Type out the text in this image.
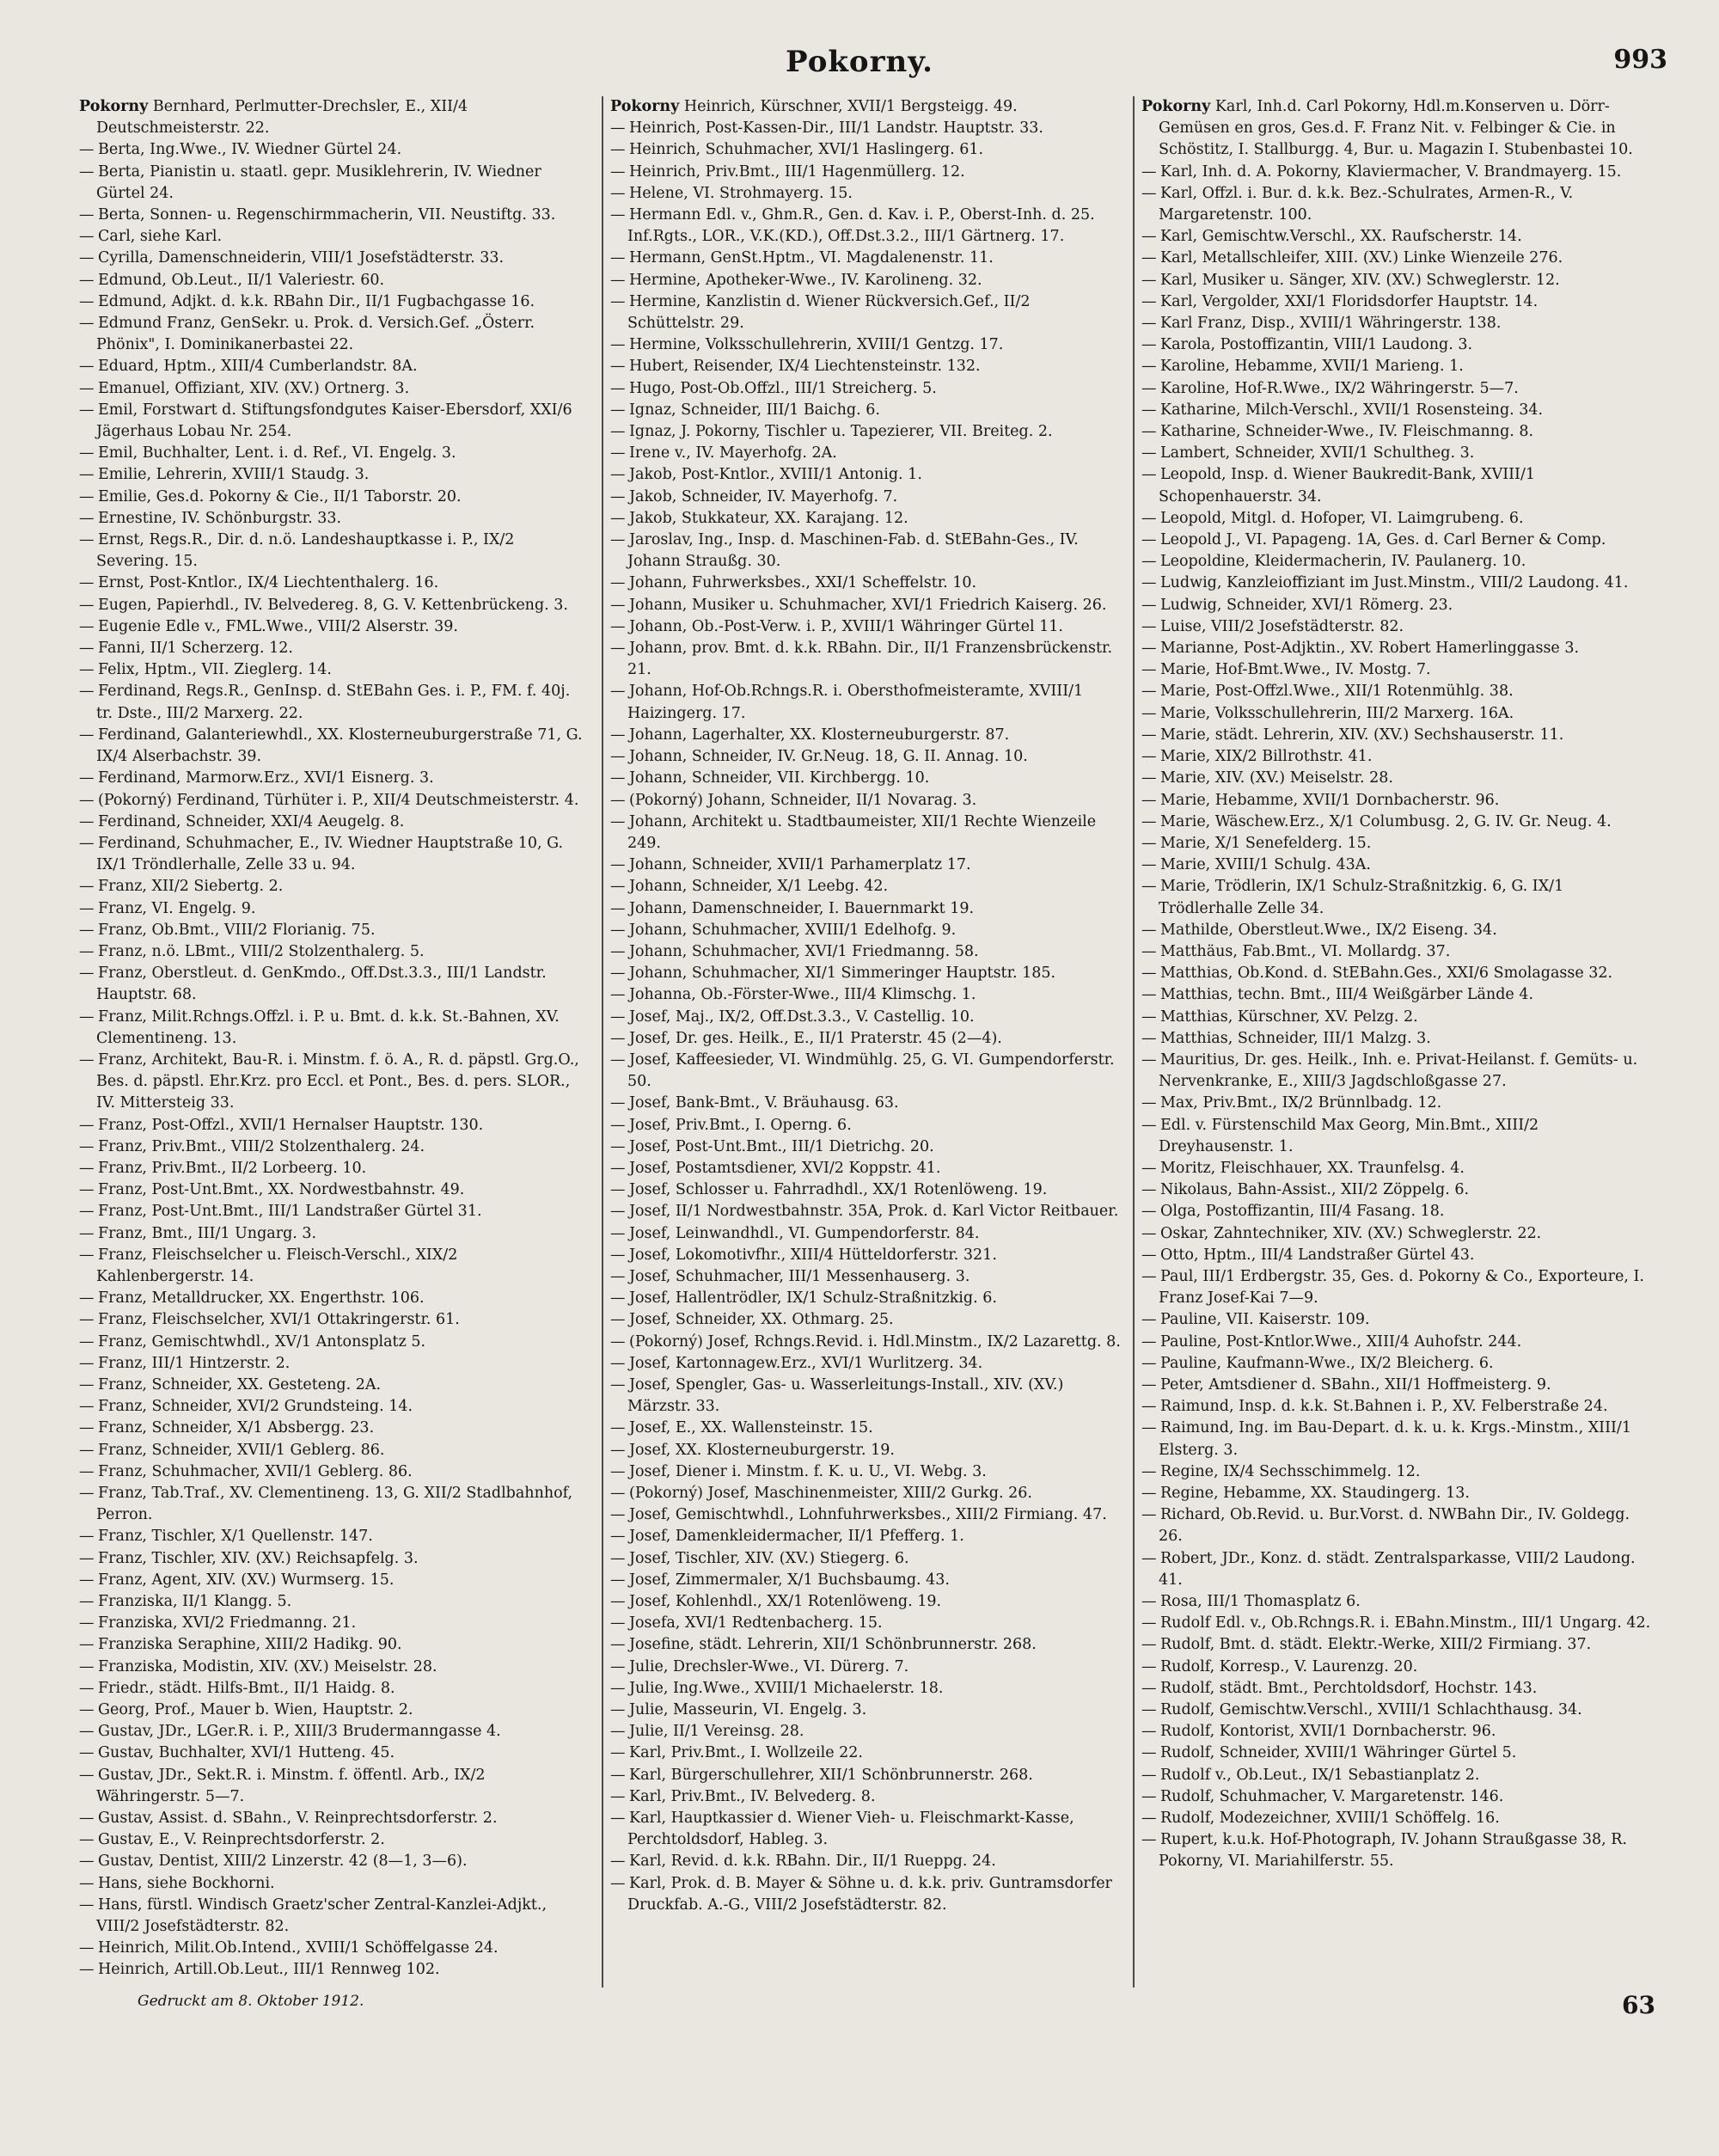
Pokorny.	993

Pokorny Bernhard, Perlmutter-Drechsler, E., XII/4 Deutschmeisterstr. 22.

— Berta, Ing.Wwe., IV. Wiedner Gürtel 24.

— Berta, Pianistin u. staatl. gepr. Musiklehrerin, IV. Wiedner Gürtel 24.

— Berta, Sonnen- u. Regenschirmmacherin, VII. Neustiftg. 33.

— Carl, siehe Karl.

— Cyrilla, Damenschneiderin, VIII/1 Josefstädterstr. 33.

— Edmund, Ob.Leut., II/1 Valeriestr. 60.

— Edmund, Adjkt. d. k.k. RBahn Dir., II/1 Fugbachgasse 16.

— Edmund Franz, GenSekr. u. Prok. d. Versich.Gef. „Österr. Phönix", I. Dominikanerbastei 22.

— Eduard, Hptm., XIII/4 Cumberlandstr. 8A.

— Emanuel, Offiziant, XIV. (XV.) Ortnerg. 3.

— Emil, Forstwart d. Stiftungsfondgutes Kaiser-Ebersdorf, XXI/6 Jägerhaus Lobau Nr. 254.

— Emil, Buchhalter, Lent. i. d. Ref., VI. Engelg. 3.

— Emilie, Lehrerin, XVIII/1 Staudg. 3.

— Emilie, Ges.d. Pokorny & Cie., II/1 Taborstr. 20.

— Ernestine, IV. Schönburgstr. 33.

— Ernst, Regs.R., Dir. d. n.ö. Landeshauptkasse i. P., IX/2 Severing. 15.

— Ernst, Post-Kntlor., IX/4 Liechtenthalerg. 16.

— Eugen, Papierhdl., IV. Belvedereg. 8, G. V. Kettenbrückeng. 3.

— Eugenie Edle v., FML.Wwe., VIII/2 Alserstr. 39.

— Fanni, II/1 Scherzerg. 12.

— Felix, Hptm., VII. Zieglerg. 14.

— Ferdinand, Regs.R., GenInsp. d. StEBahn Ges. i. P., FM. f. 40j. tr. Dste., III/2 Marxerg. 22.

— Ferdinand, Galanteriewhdl., XX. Klosterneuburgerstraße 71, G. IX/4 Alserbachstr. 39.

— Ferdinand, Marmorw.Erz., XVI/1 Eisnerg. 3.

— (Pokorný) Ferdinand, Türhüter i. P., XII/4 Deutschmeisterstr. 4.

— Ferdinand, Schneider, XXI/4 Aeugelg. 8.

— Ferdinand, Schuhmacher, E., IV. Wiedner Hauptstraße 10, G. IX/1 Tröndlerhalle, Zelle 33 u. 94.

— Franz, XII/2 Siebertg. 2.

— Franz, VI. Engelg. 9.

— Franz, Ob.Bmt., VIII/2 Florianig. 75.

— Franz, n.ö. LBmt., VIII/2 Stolzenthalerg. 5.

— Franz, Oberstleut. d. GenKmdo., Off.Dst.3.3., III/1 Landstr. Hauptstr. 68.

— Franz, Milit.Rchngs.Offzl. i. P. u. Bmt. d. k.k. St.-Bahnen, XV. Clementineng. 13.

— Franz, Architekt, Bau-R. i. Minstm. f. ö. A., R. d. päpstl. Grg.O., Bes. d. päpstl. Ehr.Krz. pro Eccl. et Pont., Bes. d. pers. SLOR., IV. Mittersteig 33.

— Franz, Post-Offzl., XVII/1 Hernalser Hauptstr. 130.

— Franz, Priv.Bmt., VIII/2 Stolzenthalerg. 24.

— Franz, Priv.Bmt., II/2 Lorbeerg. 10.

— Franz, Post-Unt.Bmt., XX. Nordwestbahnstr. 49.

— Franz, Post-Unt.Bmt., III/1 Landstraßer Gürtel 31.

— Franz, Bmt., III/1 Ungarg. 3.

— Franz, Fleischselcher u. Fleisch-Verschl., XIX/2 Kahlenbergerstr. 14.

— Franz, Metalldrucker, XX. Engerthstr. 106.

— Franz, Fleischselcher, XVI/1 Ottakringerstr. 61.

— Franz, Gemischtwhdl., XV/1 Antonsplatz 5.

— Franz, III/1 Hintzerstr. 2.

— Franz, Schneider, XX. Gesteteng. 2A.

— Franz, Schneider, XVI/2 Grundsteing. 14.

— Franz, Schneider, X/1 Absbergg. 23.

— Franz, Schneider, XVII/1 Geblerg. 86.

— Franz, Schuhmacher, XVII/1 Geblerg. 86.

— Franz, Tab.Traf., XV. Clementineng. 13, G. XII/2 Stadlbahnhof, Perron.

— Franz, Tischler, X/1 Quellenstr. 147.

— Franz, Tischler, XIV. (XV.) Reichsapfelg. 3.

— Franz, Agent, XIV. (XV.) Wurmserg. 15.

— Franziska, II/1 Klangg. 5.

— Franziska, XVI/2 Friedmanng. 21.

— Franziska Seraphine, XIII/2 Hadikg. 90.

— Franziska, Modistin, XIV. (XV.) Meiselstr. 28.

— Friedr., städt. Hilfs-Bmt., II/1 Haidg. 8.

— Georg, Prof., Mauer b. Wien, Hauptstr. 2.

— Gustav, JDr., LGer.R. i. P., XIII/3 Brudermanngasse 4.

— Gustav, Buchhalter, XVI/1 Hutteng. 45.

— Gustav, JDr., Sekt.R. i. Minstm. f. öffentl. Arb., IX/2 Währingerstr. 5—7.

— Gustav, Assist. d. SBahn., V. Reinprechtsdorferstr. 2.

— Gustav, E., V. Reinprechtsdorferstr. 2.

— Gustav, Dentist, XIII/2 Linzerstr. 42 (8—1, 3—6).

— Hans, siehe Bockhorni.

— Hans, fürstl. Windisch Graetz'scher Zentral-Kanzlei-Adjkt., VIII/2 Josefstädterstr. 82.

— Heinrich, Milit.Ob.Intend., XVIII/1 Schöffelgasse 24.

— Heinrich, Artill.Ob.Leut., III/1 Rennweg 102.

Pokorny Heinrich, Kürschner, XVII/1 Bergsteigg. 49.

— Heinrich, Post-Kassen-Dir., III/1 Landstr. Hauptstr. 33.

— Heinrich, Schuhmacher, XVI/1 Haslingerg. 61.

— Heinrich, Priv.Bmt., III/1 Hagenmüllerg. 12.

— Helene, VI. Strohmayerg. 15.

— Hermann Edl. v., Ghm.R., Gen. d. Kav. i. P., Oberst-Inh. d. 25. Inf.Rgts., LOR., V.K.(KD.), Off.Dst.3.2., III/1 Gärtnerg. 17.

— Hermann, GenSt.Hptm., VI. Magdalenenstr. 11.

— Hermine, Apotheker-Wwe., IV. Karolineng. 32.

— Hermine, Kanzlistin d. Wiener Rückversich.Gef., II/2 Schüttelstr. 29.

— Hermine, Volksschullehrerin, XVIII/1 Gentzg. 17.

— Hubert, Reisender, IX/4 Liechtensteinstr. 132.

— Hugo, Post-Ob.Offzl., III/1 Streicherg. 5.

— Ignaz, Schneider, III/1 Baichg. 6.

— Ignaz, J. Pokorny, Tischler u. Tapezierer, VII. Breiteg. 2.

— Irene v., IV. Mayerhofg. 2A.

— Jakob, Post-Kntlor., XVIII/1 Antonig. 1.

— Jakob, Schneider, IV. Mayerhofg. 7.

— Jakob, Stukkateur, XX. Karajang. 12.

— Jaroslav, Ing., Insp. d. Maschinen-Fab. d. StEBahn-Ges., IV. Johann Straußg. 30.

— Johann, Fuhrwerksbes., XXI/1 Scheffelstr. 10.

— Johann, Musiker u. Schuhmacher, XVI/1 Friedrich Kaiserg. 26.

— Johann, Ob.-Post-Verw. i. P., XVIII/1 Währinger Gürtel 11.

— Johann, prov. Bmt. d. k.k. RBahn. Dir., II/1 Franzensbrückenstr. 21.

— Johann, Hof-Ob.Rchngs.R. i. Obersthofmeisteramte, XVIII/1 Haizingerg. 17.

— Johann, Lagerhalter, XX. Klosterneuburgerstr. 87.

— Johann, Schneider, IV. Gr.Neug. 18, G. II. Annag. 10.

— Johann, Schneider, VII. Kirchbergg. 10.

— (Pokorný) Johann, Schneider, II/1 Novarag. 3.

— Johann, Architekt u. Stadtbaumeister, XII/1 Rechte Wienzeile 249.

— Johann, Schneider, XVII/1 Parhamerplatz 17.

— Johann, Schneider, X/1 Leebg. 42.

— Johann, Damenschneider, I. Bauernmarkt 19.

— Johann, Schuhmacher, XVIII/1 Edelhofg. 9.

— Johann, Schuhmacher, XVI/1 Friedmanng. 58.

— Johann, Schuhmacher, XI/1 Simmeringer Hauptstr. 185.

— Johanna, Ob.-Förster-Wwe., III/4 Klimschg. 1.

— Josef, Maj., IX/2, Off.Dst.3.3., V. Castellig. 10.

— Josef, Dr. ges. Heilk., E., II/1 Praterstr. 45 (2—4).

— Josef, Kaffeesieder, VI. Windmühlg. 25, G. VI. Gumpendorferstr. 50.

— Josef, Bank-Bmt., V. Bräuhausg. 63.

— Josef, Priv.Bmt., I. Operng. 6.

— Josef, Post-Unt.Bmt., III/1 Dietrichg. 20.

— Josef, Postamtsdiener, XVI/2 Koppstr. 41.

— Josef, Schlosser u. Fahrradhdl., XX/1 Rotenlöweng. 19.

— Josef, II/1 Nordwestbahnstr. 35A, Prok. d. Karl Victor Reitbauer.

— Josef, Leinwandhdl., VI. Gumpendorferstr. 84.

— Josef, Lokomotivfhr., XIII/4 Hütteldorferstr. 321.

— Josef, Schuhmacher, III/1 Messenhauserg. 3.

— Josef, Hallentrödler, IX/1 Schulz-Straßnitzkig. 6.

— Josef, Schneider, XX. Othmarg. 25.

— (Pokorný) Josef, Rchngs.Revid. i. Hdl.Minstm., IX/2 Lazarettg. 8.

— Josef, Kartonnagew.Erz., XVI/1 Wurlitzerg. 34.

— Josef, Spengler, Gas- u. Wasserleitungs-Install., XIV. (XV.) Märzstr. 33.

— Josef, E., XX. Wallensteinstr. 15.

— Josef, XX. Klosterneuburgerstr. 19.

— Josef, Diener i. Minstm. f. K. u. U., VI. Webg. 3.

— (Pokorný) Josef, Maschinenmeister, XIII/2 Gurkg. 26.

— Josef, Gemischtwhdl., Lohnfuhrwerksbes., XIII/2 Firmiang. 47.

— Josef, Damenkleidermacher, II/1 Pfefferg. 1.

— Josef, Tischler, XIV. (XV.) Stiegerg. 6.

— Josef, Zimmermaler, X/1 Buchsbaumg. 43.

— Josef, Kohlenhdl., XX/1 Rotenlöweng. 19.

— Josefa, XVI/1 Redtenbacherg. 15.

— Josefine, städt. Lehrerin, XII/1 Schönbrunnerstr. 268.

— Julie, Drechsler-Wwe., VI. Dürerg. 7.

— Julie, Ing.Wwe., XVIII/1 Michaelerstr. 18.

— Julie, Masseurin, VI. Engelg. 3.

— Julie, II/1 Vereinsg. 28.

— Karl, Priv.Bmt., I. Wollzeile 22.

— Karl, Bürgerschullehrer, XII/1 Schönbrunnerstr. 268.

— Karl, Priv.Bmt., IV. Belvederg. 8.

— Karl, Hauptkassier d. Wiener Vieh- u. Fleischmarkt-Kasse, Perchtoldsdorf, Hableg. 3.

— Karl, Revid. d. k.k. RBahn. Dir., II/1 Rueppg. 24.

— Karl, Prok. d. B. Mayer & Söhne u. d. k.k. priv. Guntramsdorfer Druckfab. A.-G., VIII/2 Josefstädterstr. 82.

Pokorny Karl, Inh.d. Carl Pokorny, Hdl.m.Konserven u. Dörr-Gemüsen en gros, Ges.d. F. Franz Nit. v. Felbinger & Cie. in Schöstitz, I. Stallburgg. 4, Bur. u. Magazin I. Stubenbastei 10.

— Karl, Inh. d. A. Pokorny, Klaviermacher, V. Brandmayerg. 15.

— Karl, Offzl. i. Bur. d. k.k. Bez.-Schulrates, Armen-R., V. Margaretenstr. 100.

— Karl, Gemischtw.Verschl., XX. Raufscherstr. 14.

— Karl, Metallschleifer, XIII. (XV.) Linke Wienzeile 276.

— Karl, Musiker u. Sänger, XIV. (XV.) Schweglerstr. 12.

— Karl, Vergolder, XXI/1 Floridsdorfer Hauptstr. 14.

— Karl Franz, Disp., XVIII/1 Währingerstr. 138.

— Karola, Postoffizantin, VIII/1 Laudong. 3.

— Karoline, Hebamme, XVII/1 Marieng. 1.

— Karoline, Hof-R.Wwe., IX/2 Währingerstr. 5—7.

— Katharine, Milch-Verschl., XVII/1 Rosensteing. 34.

— Katharine, Schneider-Wwe., IV. Fleischmanng. 8.

— Lambert, Schneider, XVII/1 Schultheg. 3.

— Leopold, Insp. d. Wiener Baukredit-Bank, XVIII/1 Schopenhauerstr. 34.

— Leopold, Mitgl. d. Hofoper, VI. Laimgrubeng. 6.

— Leopold J., VI. Papageng. 1A, Ges. d. Carl Berner & Comp.

— Leopoldine, Kleidermacherin, IV. Paulanerg. 10.

— Ludwig, Kanzleioffiziant im Just.Minstm., VIII/2 Laudong. 41.

— Ludwig, Schneider, XVI/1 Römerg. 23.

— Luise, VIII/2 Josefstädterstr. 82.

— Marianne, Post-Adjktin., XV. Robert Hamerlinggasse 3.

— Marie, Hof-Bmt.Wwe., IV. Mostg. 7.

— Marie, Post-Offzl.Wwe., XII/1 Rotenmühlg. 38.

— Marie, Volksschullehrerin, III/2 Marxerg. 16A.

— Marie, städt. Lehrerin, XIV. (XV.) Sechshauserstr. 11.

— Marie, XIX/2 Billrothstr. 41.

— Marie, XIV. (XV.) Meiselstr. 28.

— Marie, Hebamme, XVII/1 Dornbacherstr. 96.

— Marie, Wäschew.Erz., X/1 Columbusg. 2, G. IV. Gr. Neug. 4.

— Marie, X/1 Senefelderg. 15.

— Marie, XVIII/1 Schulg. 43A.

— Marie, Trödlerin, IX/1 Schulz-Straßnitzkig. 6, G. IX/1 Trödlerhalle Zelle 34.

— Mathilde, Oberstleut.Wwe., IX/2 Eiseng. 34.

— Matthäus, Fab.Bmt., VI. Mollardg. 37.

— Matthias, Ob.Kond. d. StEBahn.Ges., XXI/6 Smolagasse 32.

— Matthias, techn. Bmt., III/4 Weißgärber Lände 4.

— Matthias, Kürschner, XV. Pelzg. 2.

— Matthias, Schneider, III/1 Malzg. 3.

— Mauritius, Dr. ges. Heilk., Inh. e. Privat-Heilanst. f. Gemüts- u. Nervenkranke, E., XIII/3 Jagdschloßgasse 27.

— Max, Priv.Bmt., IX/2 Brünnlbadg. 12.

— Edl. v. Fürstenschild Max Georg, Min.Bmt., XIII/2 Dreyhausenstr. 1.

— Moritz, Fleischhauer, XX. Traunfelsg. 4.

— Nikolaus, Bahn-Assist., XII/2 Zöppelg. 6.

— Olga, Postoffizantin, III/4 Fasang. 18.

— Oskar, Zahntechniker, XIV. (XV.) Schweglerstr. 22.

— Otto, Hptm., III/4 Landstraßer Gürtel 43.

— Paul, III/1 Erdbergstr. 35, Ges. d. Pokorny & Co., Exporteure, I. Franz Josef-Kai 7—9.

— Pauline, VII. Kaiserstr. 109.

— Pauline, Post-Kntlor.Wwe., XIII/4 Auhofstr. 244.

— Pauline, Kaufmann-Wwe., IX/2 Bleicherg. 6.

— Peter, Amtsdiener d. SBahn., XII/1 Hoffmeisterg. 9.

— Raimund, Insp. d. k.k. St.Bahnen i. P., XV. Felberstraße 24.

— Raimund, Ing. im Bau-Depart. d. k. u. k. Krgs.-Minstm., XIII/1 Elsterg. 3.

— Regine, IX/4 Sechsschimmelg. 12.

— Regine, Hebamme, XX. Staudingerg. 13.

— Richard, Ob.Revid. u. Bur.Vorst. d. NWBahn Dir., IV. Goldegg. 26.

— Robert, JDr., Konz. d. städt. Zentralsparkasse, VIII/2 Laudong. 41.

— Rosa, III/1 Thomasplatz 6.

— Rudolf Edl. v., Ob.Rchngs.R. i. EBahn.Minstm., III/1 Ungarg. 42.

— Rudolf, Bmt. d. städt. Elektr.-Werke, XIII/2 Firmiang. 37.

— Rudolf, Korresp., V. Laurenzg. 20.

— Rudolf, städt. Bmt., Perchtoldsdorf, Hochstr. 143.

— Rudolf, Gemischtw.Verschl., XVIII/1 Schlachthausg. 34.

— Rudolf, Kontorist, XVII/1 Dornbacherstr. 96.

— Rudolf, Schneider, XVIII/1 Währinger Gürtel 5.

— Rudolf v., Ob.Leut., IX/1 Sebastianplatz 2.

— Rudolf, Schuhmacher, V. Margaretenstr. 146.

— Rudolf, Modezeichner, XVIII/1 Schöffelg. 16.

— Rupert, k.u.k. Hof-Photograph, IV. Johann Straußgasse 38, R. Pokorny, VI. Mariahilferstr. 55.

Gedruckt am 8. Oktober 1912.	63
